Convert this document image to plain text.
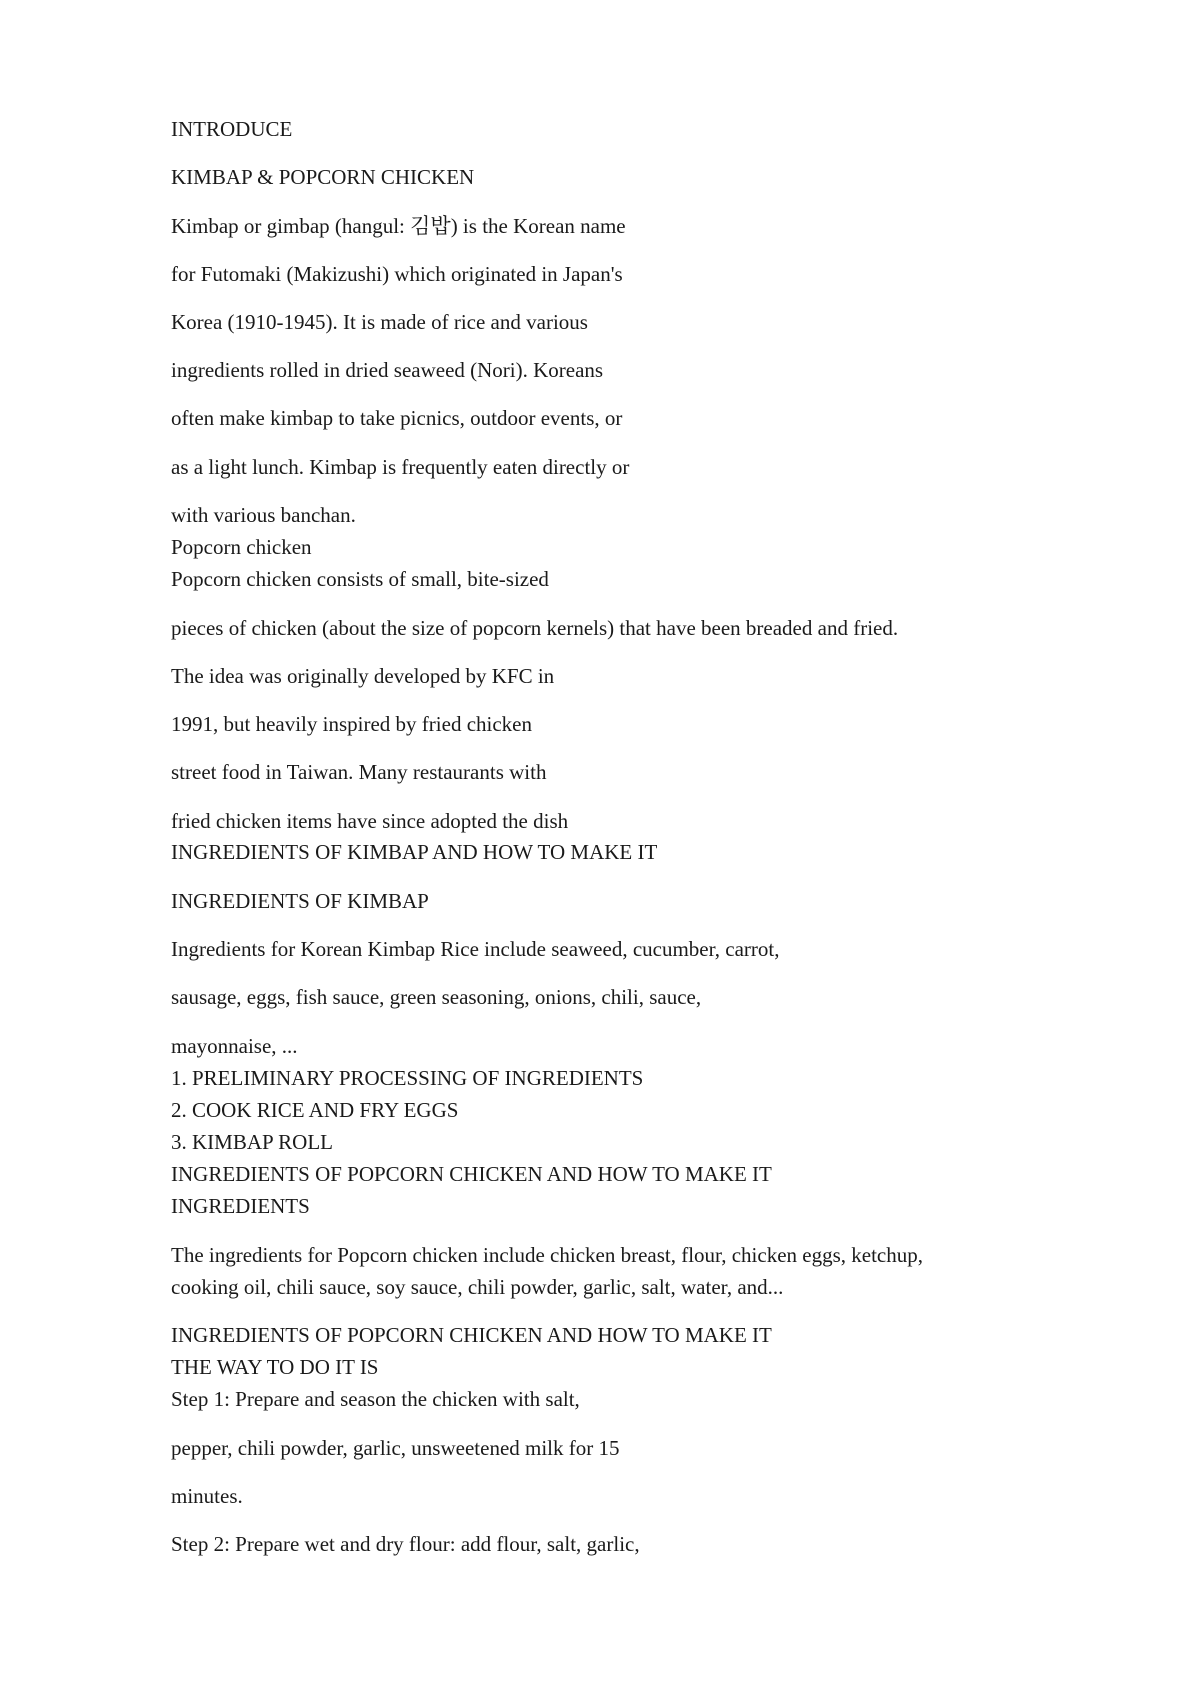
INTRODUCE

KIMBAP & POPCORN CHICKEN

Kimbap or gimbap (hangul: 김밥) is the Korean name

for Futomaki (Makizushi) which originated in Japan's

Korea (1910-1945). It is made of rice and various

ingredients rolled in dried seaweed (Nori). Koreans

often make kimbap to take picnics, outdoor events, or

as a light lunch. Kimbap is frequently eaten directly or

with various banchan.

Popcorn chicken

Popcorn chicken consists of small, bite-sized

pieces of chicken (about the size of popcorn kernels) that have been breaded and fried.

The idea was originally developed by KFC in

1991, but heavily inspired by fried chicken

street food in Taiwan. Many restaurants with

fried chicken items have since adopted the dish

INGREDIENTS OF KIMBAP AND HOW TO MAKE IT

INGREDIENTS OF KIMBAP

Ingredients for Korean Kimbap Rice include seaweed, cucumber, carrot,

sausage, eggs, fish sauce, green seasoning, onions, chili, sauce,

mayonnaise, ...

1. PRELIMINARY PROCESSING OF INGREDIENTS

2. COOK RICE AND FRY EGGS

3. KIMBAP ROLL

INGREDIENTS OF POPCORN CHICKEN AND HOW TO MAKE IT

INGREDIENTS

The ingredients for Popcorn chicken include chicken breast, flour, chicken eggs, ketchup,

cooking oil, chili sauce, soy sauce, chili powder, garlic, salt, water, and...

INGREDIENTS OF POPCORN CHICKEN AND HOW TO MAKE IT

THE WAY TO DO IT IS

Step 1: Prepare and season the chicken with salt,

pepper, chili powder, garlic, unsweetened milk for 15

minutes.

Step 2: Prepare wet and dry flour: add flour, salt, garlic,
